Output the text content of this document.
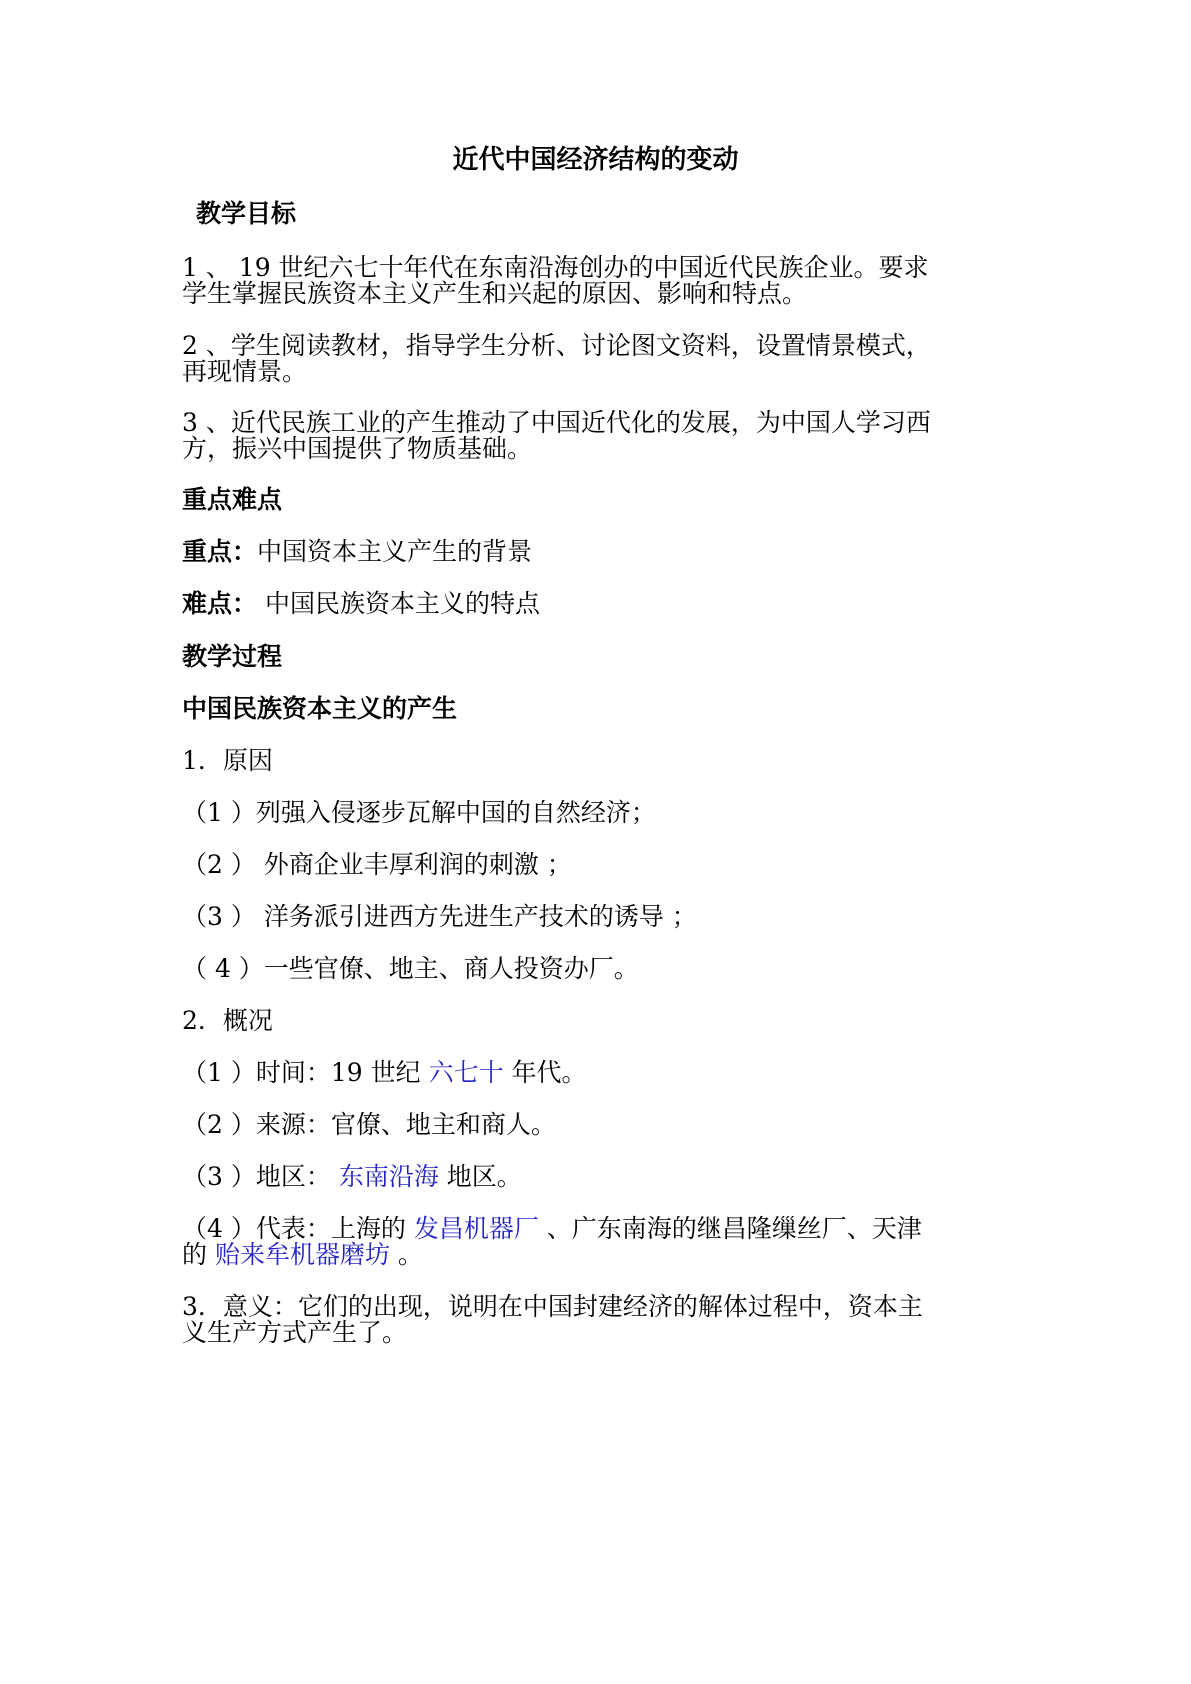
近代中国经济结构的变动
教学目标
1 、 19 世纪六七十年代在东南沿海创办的中国近代民族企业。要求
学生掌握民族资本主义产生和兴起的原因、影响和特点。
2 、学生阅读教材，指导学生分析、讨论图文资料，设置情景模式，
再现情景。
3 、近代民族工业的产生推动了中国近代化的发展，为中国人学习西
方，振兴中国提供了物质基础。
重点难点
重点：中国资本主义产生的背景
难点： 中国民族资本主义的特点
教学过程
中国民族资本主义的产生
1．原因
（1 ）列强入侵逐步瓦解中国的自然经济；
（2 ） 外商企业丰厚利润的刺激 ；
（3 ） 洋务派引进西方先进生产技术的诱导 ；
（ 4 ）一些官僚、地主、商人投资办厂。
2．概况
（1 ）时间：19 世纪 六七十 年代。
（2 ）来源：官僚、地主和商人。
（3 ）地区： 东南沿海 地区。
（4 ）代表：上海的 发昌机器厂 、广东南海的继昌隆缫丝厂、天津
的 贻来牟机器磨坊 。
3．意义：它们的出现，说明在中国封建经济的解体过程中，资本主
义生产方式产生了。
